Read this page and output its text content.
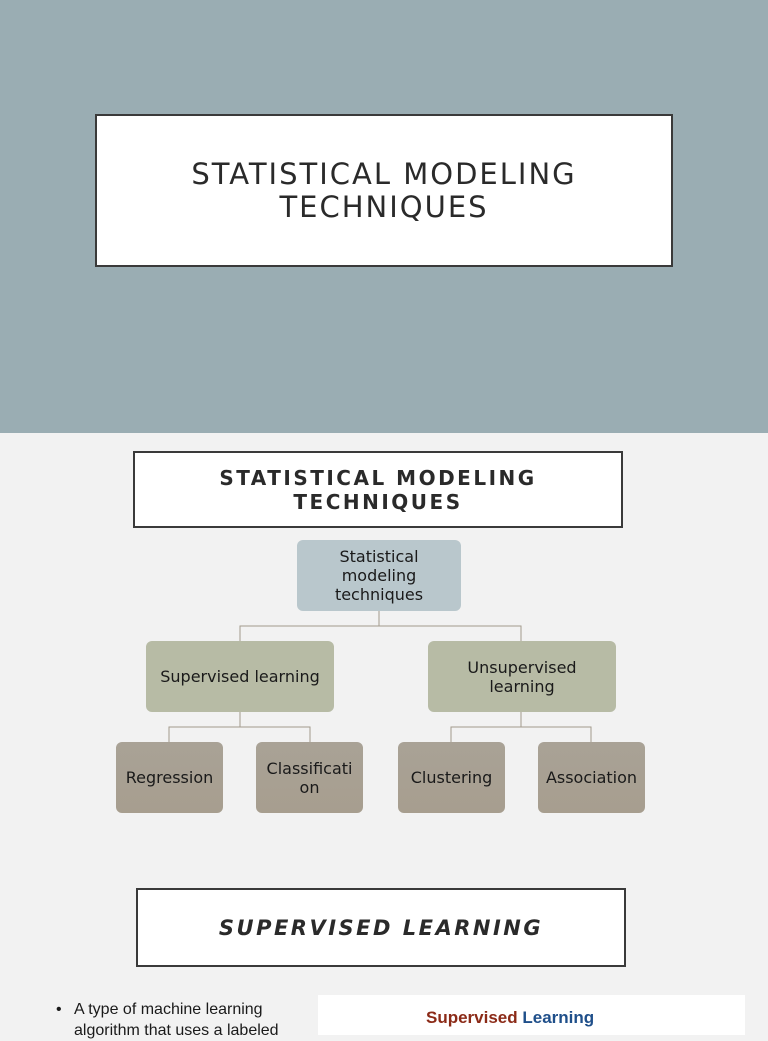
STATISTICAL MODELING TECHNIQUES
STATISTICAL MODELING TECHNIQUES
Statistical modeling techniques
Supervised learning	Unsupervised learning
Regression	Classification	Clustering	Association
SUPERVISED LEARNING
• A type of machine learning algorithm that uses a labeled
Supervised Learning
